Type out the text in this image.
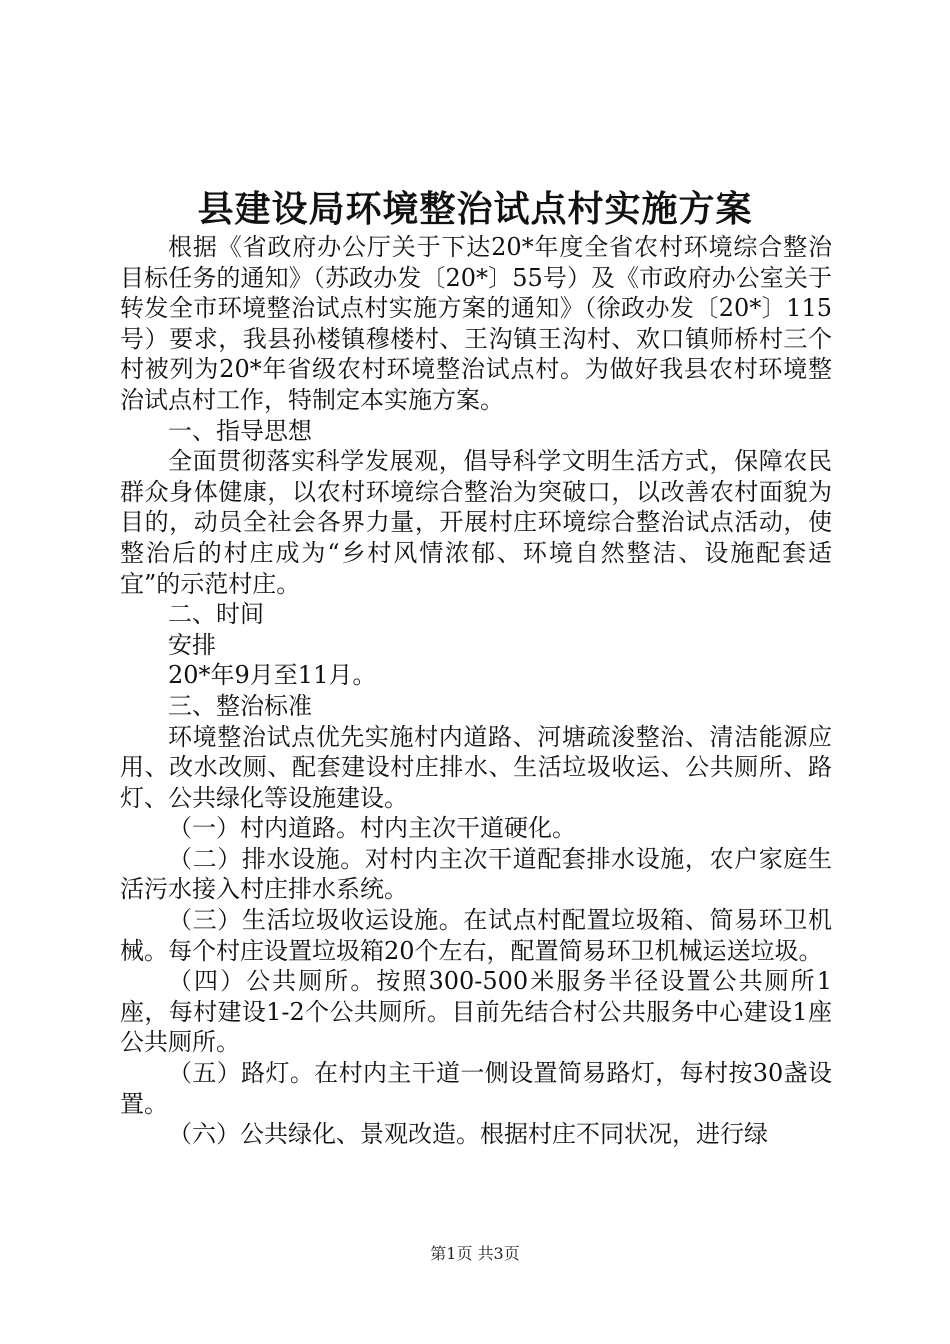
县建设局环境整治试点村实施方案

根据《省政府办公厅关于下达20*年度全省农村环境综合整治目标任务的通知》（苏政办发〔20*〕55号）及《市政府办公室关于转发全市环境整治试点村实施方案的通知》（徐政办发〔20*〕115号）要求，我县孙楼镇穆楼村、王沟镇王沟村、欢口镇师桥村三个村被列为20*年省级农村环境整治试点村。为做好我县农村环境整治试点村工作，特制定本实施方案。

一、指导思想

全面贯彻落实科学发展观，倡导科学文明生活方式，保障农民群众身体健康，以农村环境综合整治为突破口，以改善农村面貌为目的，动员全社会各界力量，开展村庄环境综合整治试点活动，使整治后的村庄成为“乡村风情浓郁、环境自然整洁、设施配套适宜”的示范村庄。

二、时间

安排

20*年9月至11月。

三、整治标准

环境整治试点优先实施村内道路、河塘疏浚整治、清洁能源应用、改水改厕、配套建设村庄排水、生活垃圾收运、公共厕所、路灯、公共绿化等设施建设。

（一）村内道路。村内主次干道硬化。

（二）排水设施。对村内主次干道配套排水设施，农户家庭生活污水接入村庄排水系统。

（三）生活垃圾收运设施。在试点村配置垃圾箱、简易环卫机械。每个村庄设置垃圾箱20个左右，配置简易环卫机械运送垃圾。

（四）公共厕所。按照300-500米服务半径设置公共厕所1座，每村建设1-2个公共厕所。目前先结合村公共服务中心建设1座公共厕所。

（五）路灯。在村内主干道一侧设置简易路灯，每村按30盏设置。

（六）公共绿化、景观改造。根据村庄不同状况，进行绿

第1页 共3页
